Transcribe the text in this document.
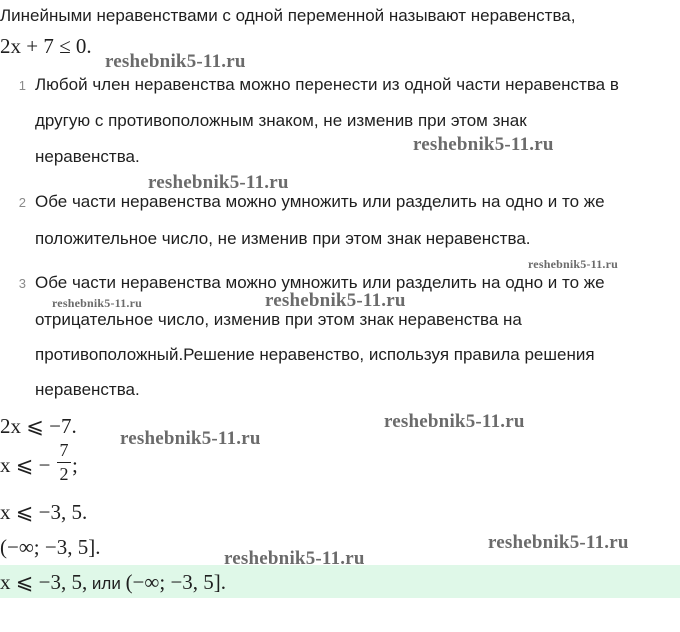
Линейными неравенствами с одной переменной называют неравенства,
2x + 7 ≤ 0.
1 Любой член неравенства можно перенести из одной части неравенства в
другую с противоположным знаком, не изменив при этом знак
неравенства.
2 Обе части неравенства можно умножить или разделить на одно и то же
положительное число, не изменив при этом знак неравенства.
3 Обе части неравенства можно умножить или разделить на одно и то же
отрицательное число, изменив при этом знак неравенства на
противоположный.Решение неравенство, используя правила решения
неравенства.
2x ⩽ −7.
x ⩽ −
7
2 ;
x ⩽ −3, 5.
(−∞; −3, 5].
x ⩽ −3, 5, или (−∞; −3, 5].
reshebnik5-11.ru
reshebnik5-11.ru
reshebnik5-11.ru
reshebnik5-11.ru
reshebnik5-11.ru	reshebnik5-11.ru
reshebnik5-11.ru
reshebnik5-11.ru
reshebnik5-11.ru
reshebnik5-11.ru
